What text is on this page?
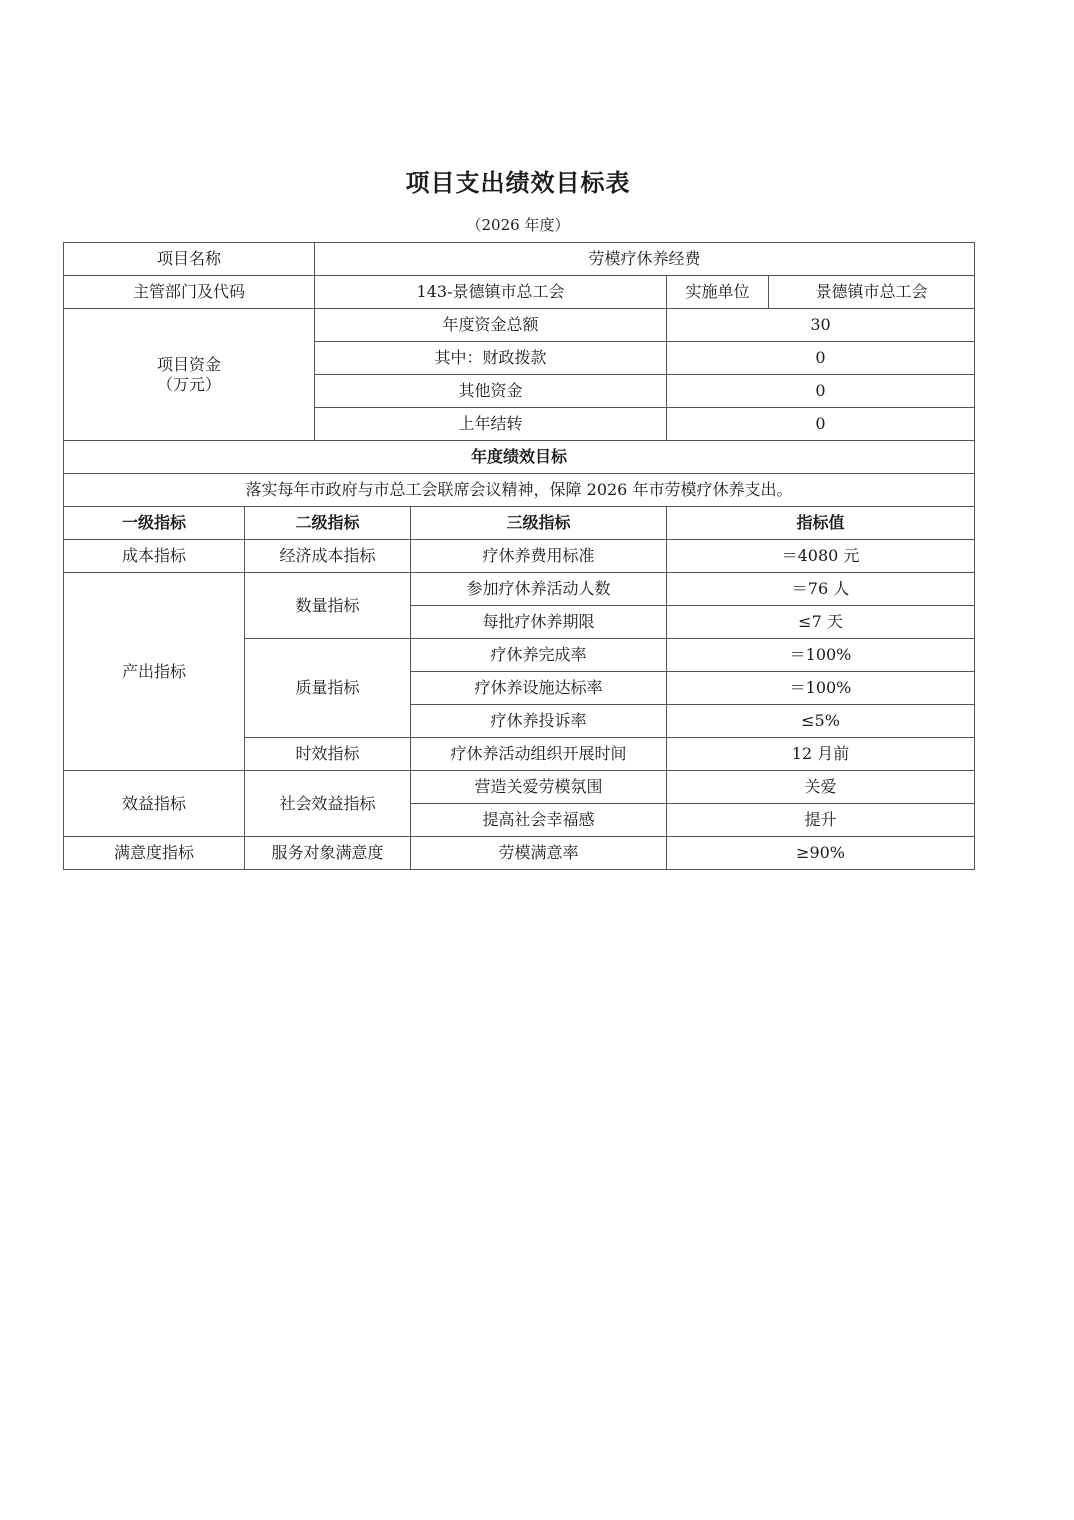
项目支出绩效目标表
（2026 年度）
项目名称		劳模疗休养经费			
主管部门及代码		143-景德镇市总工会		实施单位	景德镇市总工会

项目资金
（万元）		年度资金总额		30	
		其中：财政拨款		0	
		其他资金		0	
		上年结转		0	
年度绩效目标					
落实每年市政府与市总工会联席会议精神，保障 2026 年市劳模疗休养支出。					
一级指标	二级指标		三级指标	指标值	
成本指标	经济成本指标		疗休养费用标准	＝4080 元	
产出指标	数量指标		参加疗休养活动人数	＝76 人	
			每批疗休养期限	≤7 天	
	质量指标		疗休养完成率	＝100%	
			疗休养设施达标率	＝100%	
			疗休养投诉率	≤5%	
	时效指标		疗休养活动组织开展时间	12 月前	
效益指标	社会效益指标		营造关爱劳模氛围	关爱	
			提高社会幸福感	提升	
满意度指标	服务对象满意度		劳模满意率	≥90%	
